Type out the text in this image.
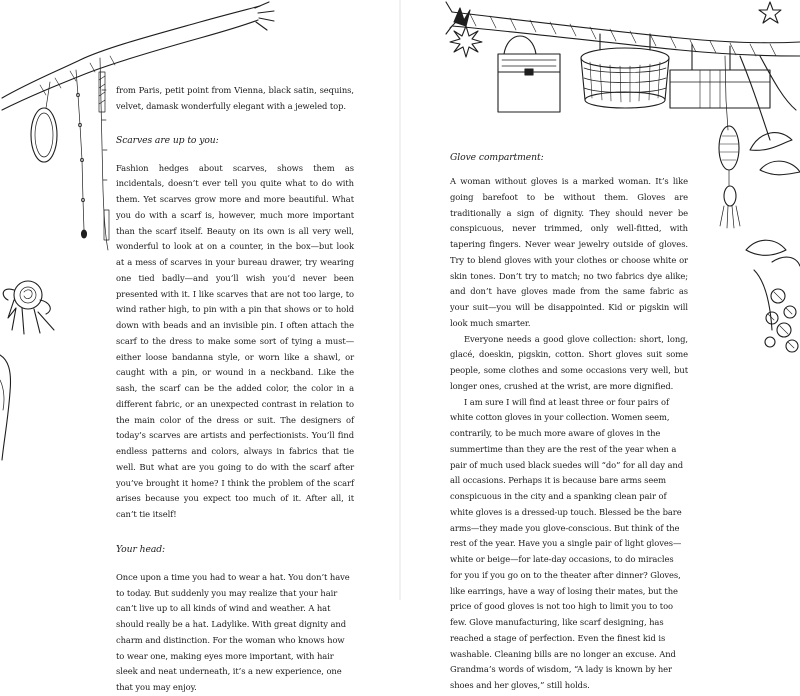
from Paris, petit point from Vienna, black satin, sequins, velvet, damask wonderfully elegant with a jeweled top.

Scarves are up to you:

Fashion hedges about scarves, shows them as incidentals, doesn’t ever tell you quite what to do with them. Yet scarves grow more and more beautiful. What you do with a scarf is, however, much more important than the scarf itself. Beauty on its own is all very well, wonderful to look at on a counter, in the box—but look at a mess of scarves in your bureau drawer, try wearing one tied badly—and you’ll wish you’d never been presented with it. I like scarves that are not too large, to wind rather high, to pin with a pin that shows or to hold down with beads and an invisible pin. I often attach the scarf to the dress to make some sort of tying a must—either loose bandanna style, or worn like a shawl, or caught with a pin, or wound in a neckband. Like the sash, the scarf can be the added color, the color in a different fabric, or an unexpected contrast in relation to the main color of the dress or suit. The designers of today’s scarves are artists and perfectionists. You’ll find endless patterns and colors, always in fabrics that tie well. But what are you going to do with the scarf after you’ve brought it home? I think the problem of the scarf arises because you expect too much of it. After all, it can’t tie itself!

Your head:

Once upon a time you had to wear a hat. You don’t have to today. But suddenly you may realize that your hair can’t live up to all kinds of wind and weather. A hat should really be a hat. Ladylike. With great dignity and charm and distinction. For the woman who knows how to wear one, making eyes more important, with hair sleek and neat underneath, it’s a new experience, one that you may enjoy.

Glove compartment:

A woman without gloves is a marked woman. It’s like going barefoot to be without them. Gloves are traditionally a sign of dignity. They should never be conspicuous, never trimmed, only well-fitted, with tapering fingers. Never wear jewelry outside of gloves. Try to blend gloves with your clothes or choose white or skin tones. Don’t try to match; no two fabrics dye alike; and don’t have gloves made from the same fabric as your suit—you will be disappointed. Kid or pigskin will look much smarter.

Everyone needs a good glove collection: short, long, glacé, doeskin, pigskin, cotton. Short gloves suit some people, some clothes and some occasions very well, but longer ones, crushed at the wrist, are more dignified.

I am sure I will find at least three or four pairs of white cotton gloves in your collection. Women seem, contrarily, to be much more aware of gloves in the summertime than they are the rest of the year when a pair of much used black suedes will “do” for all day and all occasions. Perhaps it is because bare arms seem conspicuous in the city and a spanking clean pair of white gloves is a dressed-up touch. Blessed be the bare arms—they made you glove-conscious. But think of the rest of the year. Have you a single pair of light gloves—white or beige—for late-day occasions, to do miracles for you if you go on to the theater after dinner? Gloves, like earrings, have a way of losing their mates, but the price of good gloves is not too high to limit you to too few. Glove manufacturing, like scarf designing, has reached a stage of perfection. Even the finest kid is washable. Cleaning bills are no longer an excuse. And Grandma’s words of wisdom, “A lady is known by her shoes and her gloves,” still holds.
